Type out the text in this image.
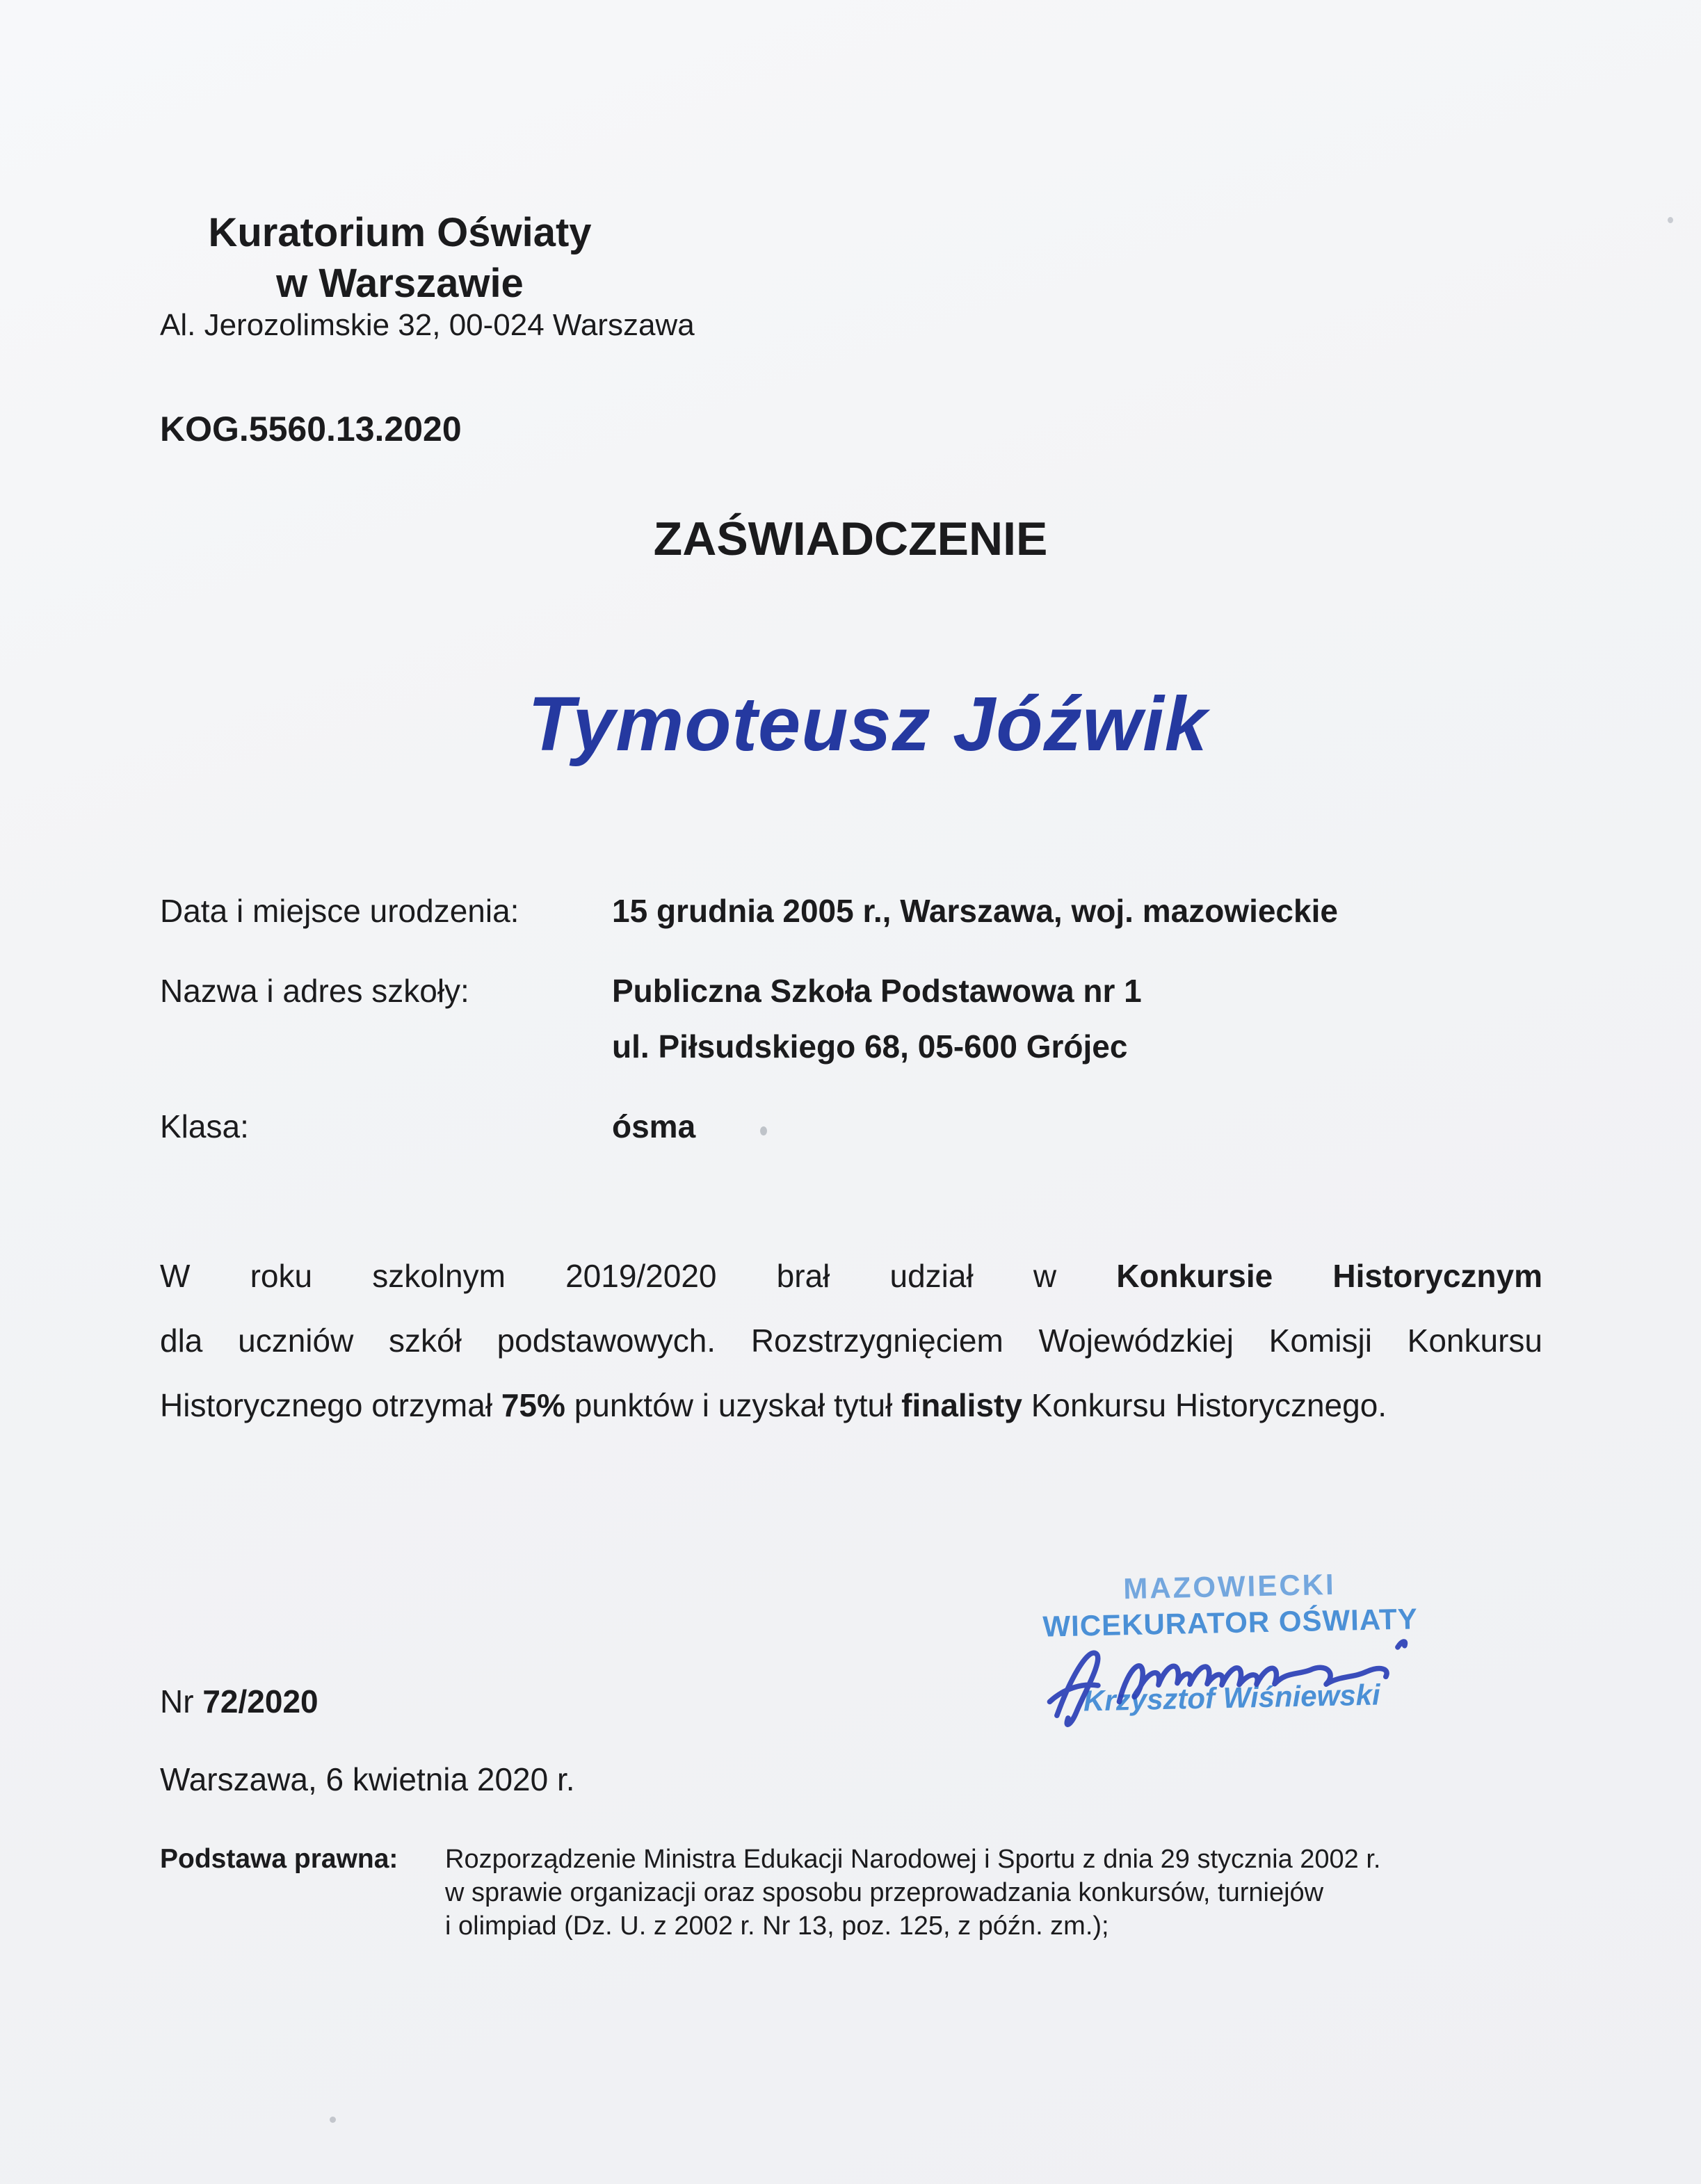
Kuratorium Oświaty
w Warszawie
Al. Jerozolimskie 32, 00-024 Warszawa
KOG.5560.13.2020
ZAŚWIADCZENIE
Tymoteusz Jóźwik
Data i miejsce urodzenia:	15 grudnia 2005 r., Warszawa, woj. mazowieckie
Nazwa i adres szkoły:	Publiczna Szkoła Podstawowa nr 1
ul. Piłsudskiego 68, 05-600 Grójec
Klasa:	ósma
W roku szkolnym 2019/2020 brał udział w Konkursie Historycznym
dla uczniów szkół podstawowych. Rozstrzygnięciem Wojewódzkiej Komisji Konkursu
Historycznego otrzymał 75% punktów i uzyskał tytuł finalisty Konkursu Historycznego.
MAZOWIECKI
WICEKURATOR OŚWIATY
Krzysztof Wiśniewski
Nr 72/2020
Warszawa, 6 kwietnia 2020 r.
Podstawa prawna: Rozporządzenie Ministra Edukacji Narodowej i Sportu z dnia 29 stycznia 2002 r.
w sprawie organizacji oraz sposobu przeprowadzania konkursów, turniejów
i olimpiad (Dz. U. z 2002 r. Nr 13, poz. 125, z późn. zm.);
